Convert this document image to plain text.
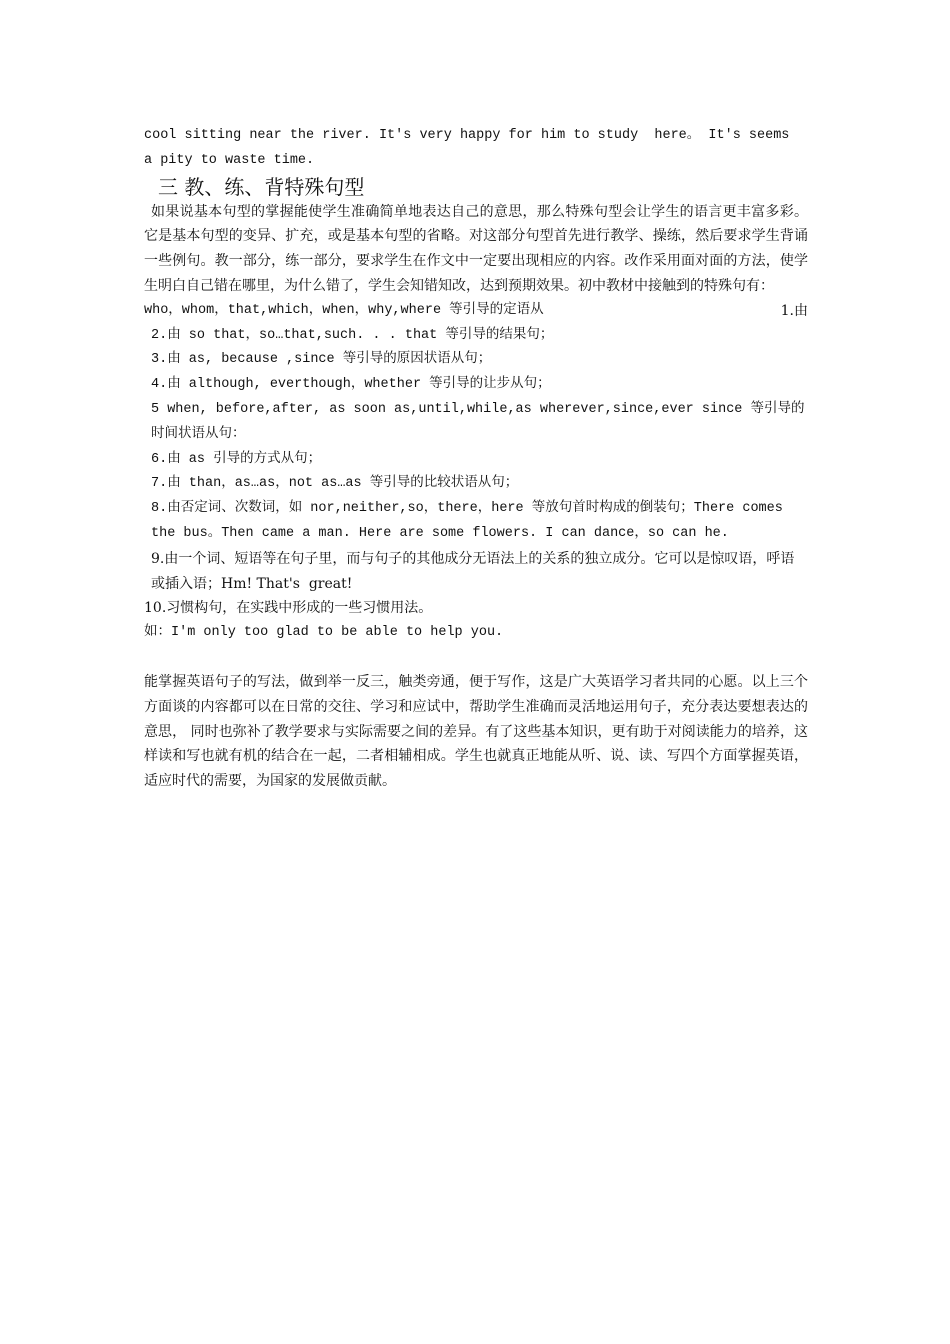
cool sitting near the river. It's very happy for him to study  here。 It's seems
a pity to waste time.
三 教、练、背特殊句型
如果说基本句型的掌握能使学生准确简单地表达自己的意思，那么特殊句型会让学生的语言更丰富多彩。它是基本句型的变异、扩充，或是基本句型的省略。对这部分句型首先进行教学、操练，然后要求学生背诵一些例句。教一部分，练一部分，要求学生在作文中一定要出现相应的内容。改作采用面对面的方法，使学生明白自己错在哪里，为什么错了，学生会知错知改，达到预期效果。初中教材中接触到的特殊句有：
1.由
who，whom，that,which，when，why,where 等引导的定语从
2.由 so that，so…that,such. . . that 等引导的结果句；
3.由 as, because ,since 等引导的原因状语从句；
4.由 although, everthough，whether 等引导的让步从句；
5 when, before,after, as soon as,until,while,as wherever,since,ever since 等引导的时间状语从句：
6.由 as 引导的方式从句；
7.由 than，as…as，not as…as 等引导的比较状语从句；
8.由否定词、次数词，如 nor,neither,so，there，here 等放句首时构成的倒装句；There comes the bus。Then came a man. Here are some flowers. I can dance，so can he.
9.由一个词、短语等在句子里，而与句子的其他成分无语法上的关系的独立成分。它可以是惊叹语，呼语或插入语；Hm! That's  great!
10.习惯构句，在实践中形成的一些习惯用法。
如：I'm only too glad to be able to help you.
能掌握英语句子的写法，做到举一反三，触类旁通，便于写作，这是广大英语学习者共同的心愿。以上三个方面谈的内容都可以在日常的交往、学习和应试中，帮助学生准确而灵活地运用句子，充分表达要想表达的意思， 同时也弥补了教学要求与实际需要之间的差异。有了这些基本知识，更有助于对阅读能力的培养，这样读和写也就有机的结合在一起，二者相辅相成。学生也就真正地能从听、说、读、写四个方面掌握英语，适应时代的需要，为国家的发展做贡献。
